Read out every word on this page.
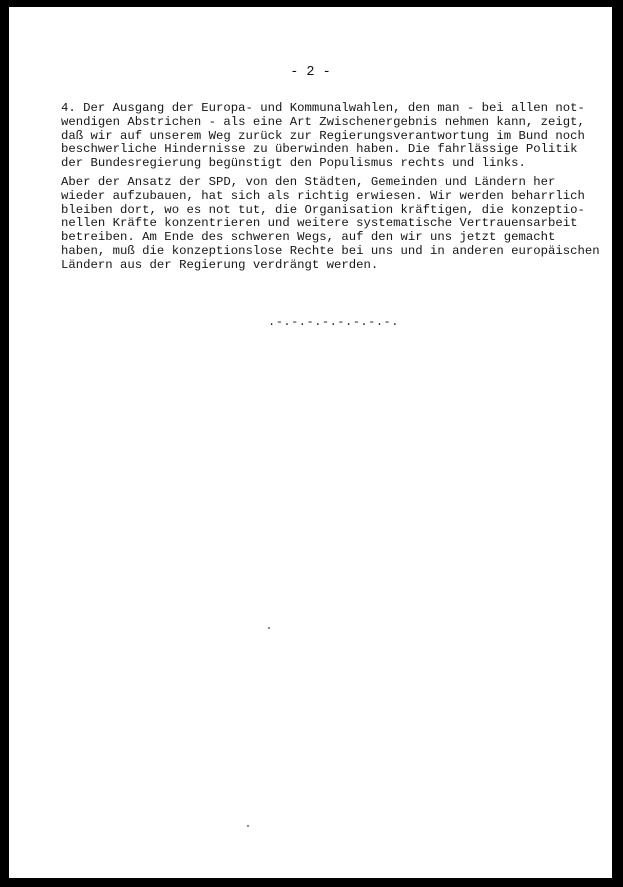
- 2 -

4. Der Ausgang der Europa- und Kommunalwahlen, den man - bei allen not-
wendigen Abstrichen - als eine Art Zwischenergebnis nehmen kann, zeigt,
daß wir auf unserem Weg zurück zur Regierungsverantwortung im Bund noch
beschwerliche Hindernisse zu überwinden haben. Die fahrlässige Politik
der Bundesregierung begünstigt den Populismus rechts und links.

Aber der Ansatz der SPD, von den Städten, Gemeinden und Ländern her
wieder aufzubauen, hat sich als richtig erwiesen. Wir werden beharrlich
bleiben dort, wo es not tut, die Organisation kräftigen, die konzeptio-
nellen Kräfte konzentrieren und weitere systematische Vertrauensarbeit
betreiben. Am Ende des schweren Wegs, auf den wir uns jetzt gemacht
haben, muß die konzeptionslose Rechte bei uns und in anderen europäischen
Ländern aus der Regierung verdrängt werden.

.-.-.-.-.-.-.-.-.
